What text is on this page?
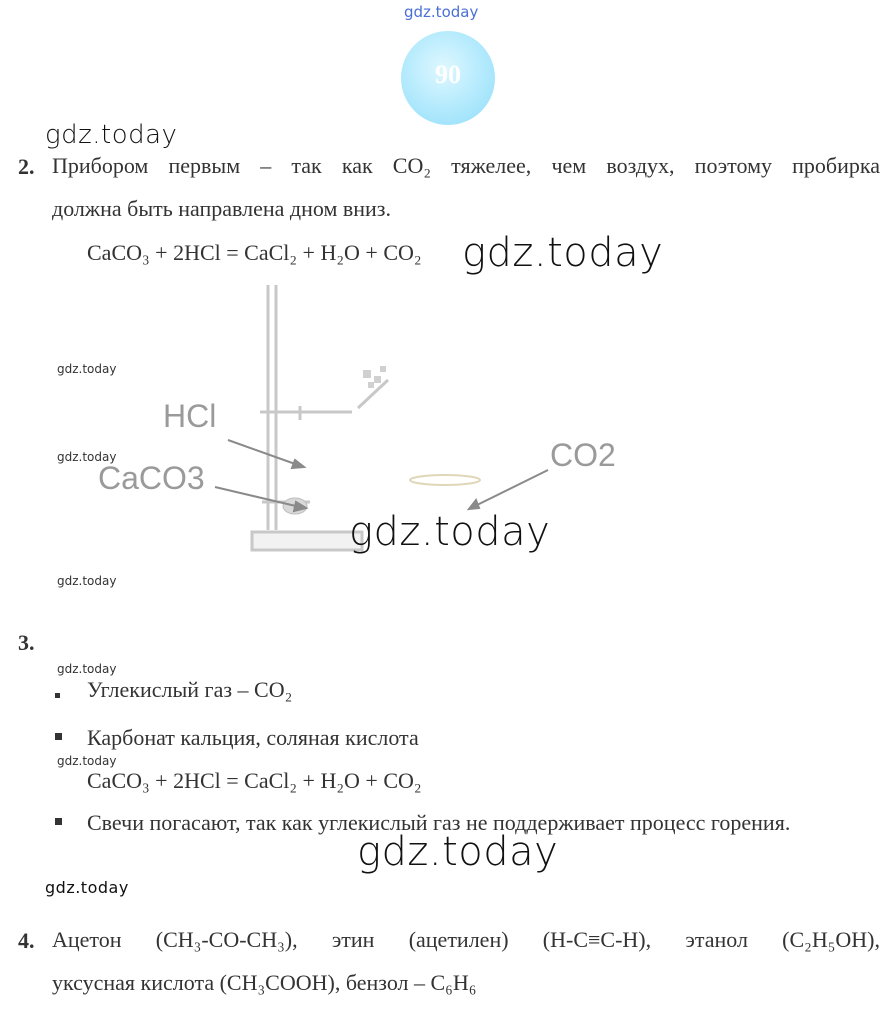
gdz.today
90
gdz.today
2. Прибором первым – так как CO₂ тяжелее, чем воздух, поэтому пробирка
должна быть направлена дном вниз.
CaCO₃ + 2HCl = CaCl₂ + H₂O + CO₂ gdz.today
HCl
CaCO3
CO2
gdz.today
gdz.today
gdz.today
gdz.today
3.
gdz.today
Углекислый газ – CO₂
Карбонат кальция, соляная кислота
gdz.today
CaCO₃ + 2HCl = CaCl₂ + H₂O + CO₂
Свечи погасают, так как углекислый газ не поддерживает процесс горения.
gdz.today
gdz.today
4. Ацетон (CH₃-CO-CH₃), этин (ацетилен) (H-C≡C-H), этанол (C₂H₅OH),
уксусная кислота (CH₃COOH), бензол – C₆H₆
